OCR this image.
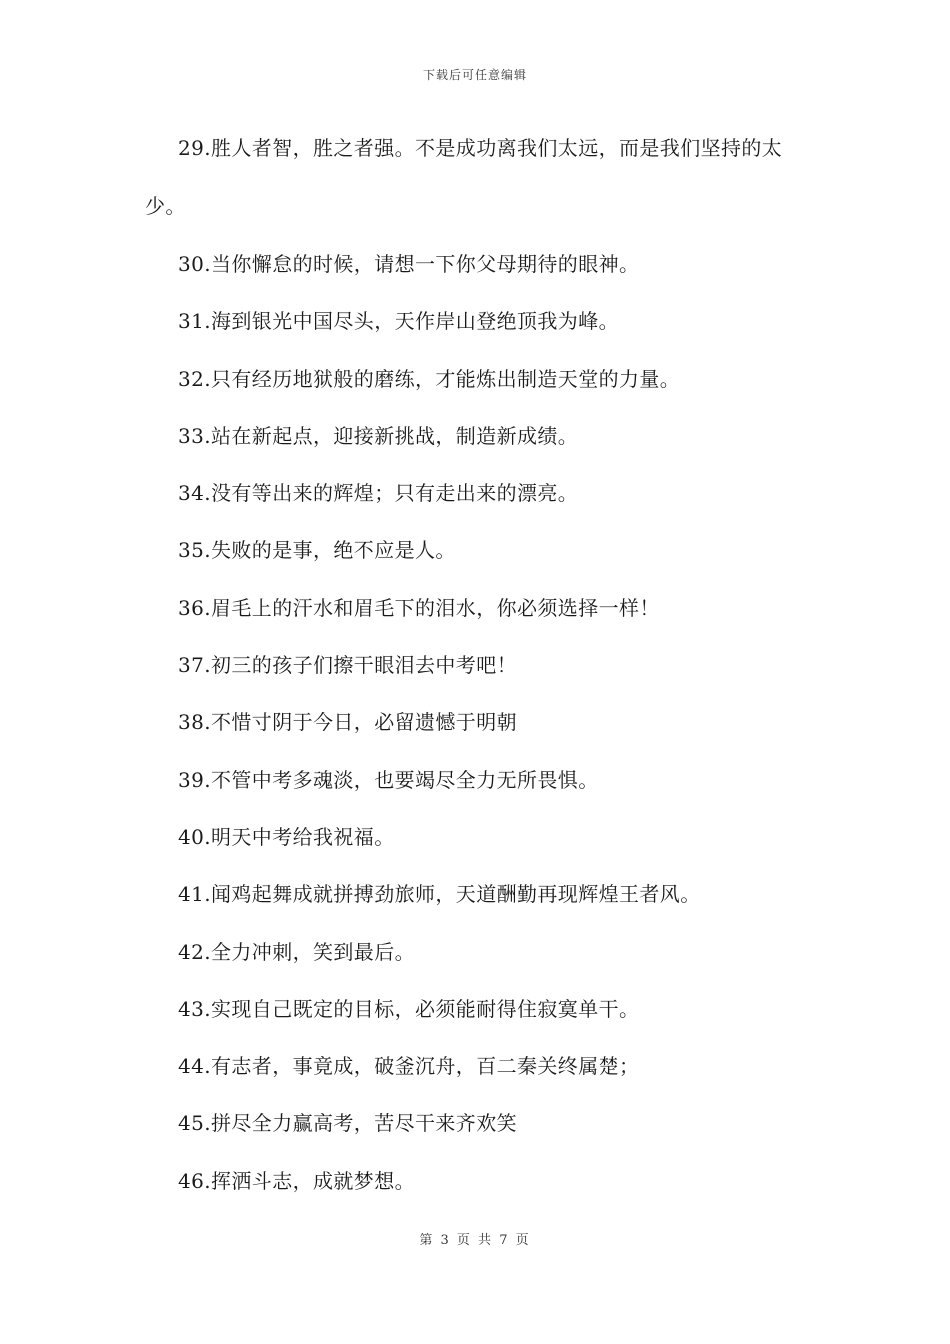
下载后可任意编辑

29.胜人者智，胜之者强。不是成功离我们太远，而是我们坚持的太少。

30.当你懈怠的时候，请想一下你父母期待的眼神。

31.海到银光中国尽头，天作岸山登绝顶我为峰。

32.只有经历地狱般的磨练，才能炼出制造天堂的力量。

33.站在新起点，迎接新挑战，制造新成绩。

34.没有等出来的辉煌；只有走出来的漂亮。

35.失败的是事，绝不应是人。

36.眉毛上的汗水和眉毛下的泪水，你必须选择一样！

37.初三的孩子们擦干眼泪去中考吧！

38.不惜寸阴于今日，必留遗憾于明朝

39.不管中考多魂淡，也要竭尽全力无所畏惧。

40.明天中考给我祝福。

41.闻鸡起舞成就拼搏劲旅师，天道酬勤再现辉煌王者风。

42.全力冲刺，笑到最后。

43.实现自己既定的目标，必须能耐得住寂寞单干。

44.有志者，事竟成，破釜沉舟，百二秦关终属楚；

45.拼尽全力赢高考，苦尽干来齐欢笑

46.挥洒斗志，成就梦想。

第 3 页 共 7 页
